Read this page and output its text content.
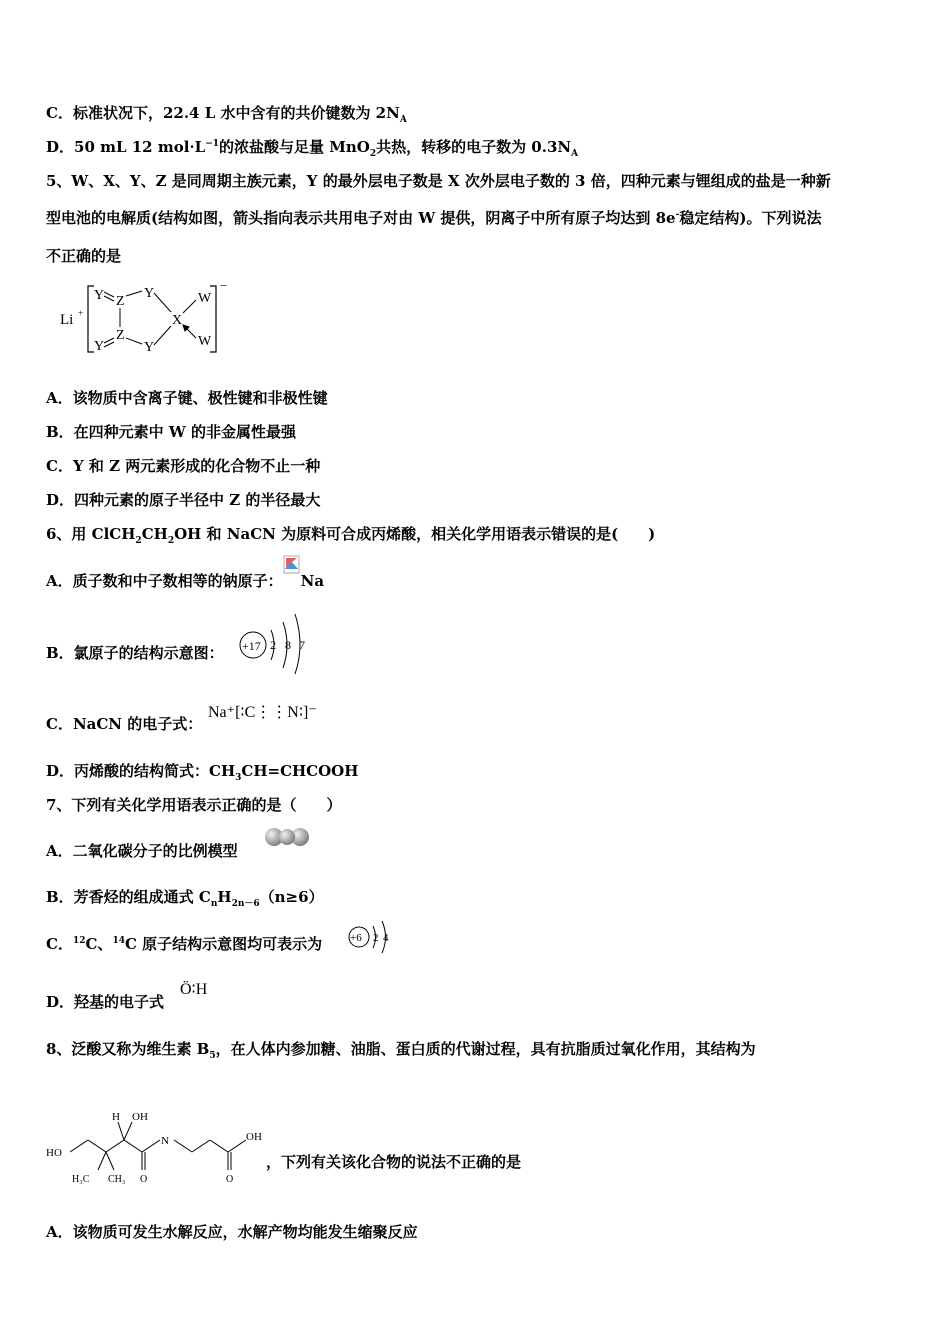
C．标准状况下，22.4 L 水中含有的共价键数为 $2N_A$
D．50 mL 12 $mol\cdot L^{-1}$的浓盐酸与足量 MnO$_2$共热，转移的电子数为 $0.3N_A$
5、W、X、Y、Z 是同周期主族元素，Y 的最外层电子数是 X 次外层电子数的 3 倍，四种元素与锂组成的盐是一种新
型电池的电解质(结构如图，箭头指向表示共用电子对由 W 提供，阴离子中所有原子均达到 8e-稳定结构)。下列说法
不正确的是
Li +
−
Y Z
Y
Y
Z
Y
X
W
W
A．该物质中含离子键、极性键和非极性键
B．在四种元素中 W 的非金属性最强
C．Y 和 Z 两元素形成的化合物不止一种
D．四种元素的原子半径中 Z 的半径最大
6、用 $ClCH_2CH_2OH$ 和 NaCN 为原料可合成丙烯酸，相关化学用语表示错误的是(　　)
A．质子数和中子数相等的钠原子： Na
B．氯原子的结构示意图： +17 2 8 7
C．NaCN 的电子式：
Na⁺[∶C⋮⋮N∶]⁻
D．丙烯酸的结构简式：$CH_3CH=CHCOOH$
7、下列有关化学用语表示正确的是（　　）
A．二氧化碳分子的比例模型
B．芳香烃的组成通式 $C_nH_{2n-6}(n\ge 6)$
C．$^{12}$C、$^{14}$C 原子结构示意图均可表示为	+6 2 4
D．羟基的电子式
Ö∶H
8、泛酸又称为维生素 $B_5$，在人体内参加糖、油脂、蛋白质的代谢过程，具有抗脂质过氧化作用，其结构为
HO
H OH
N	OH
H₃C CH₃ O	O
，下列有关该化合物的说法不正确的是
A．该物质可发生水解反应，水解产物均能发生缩聚反应
